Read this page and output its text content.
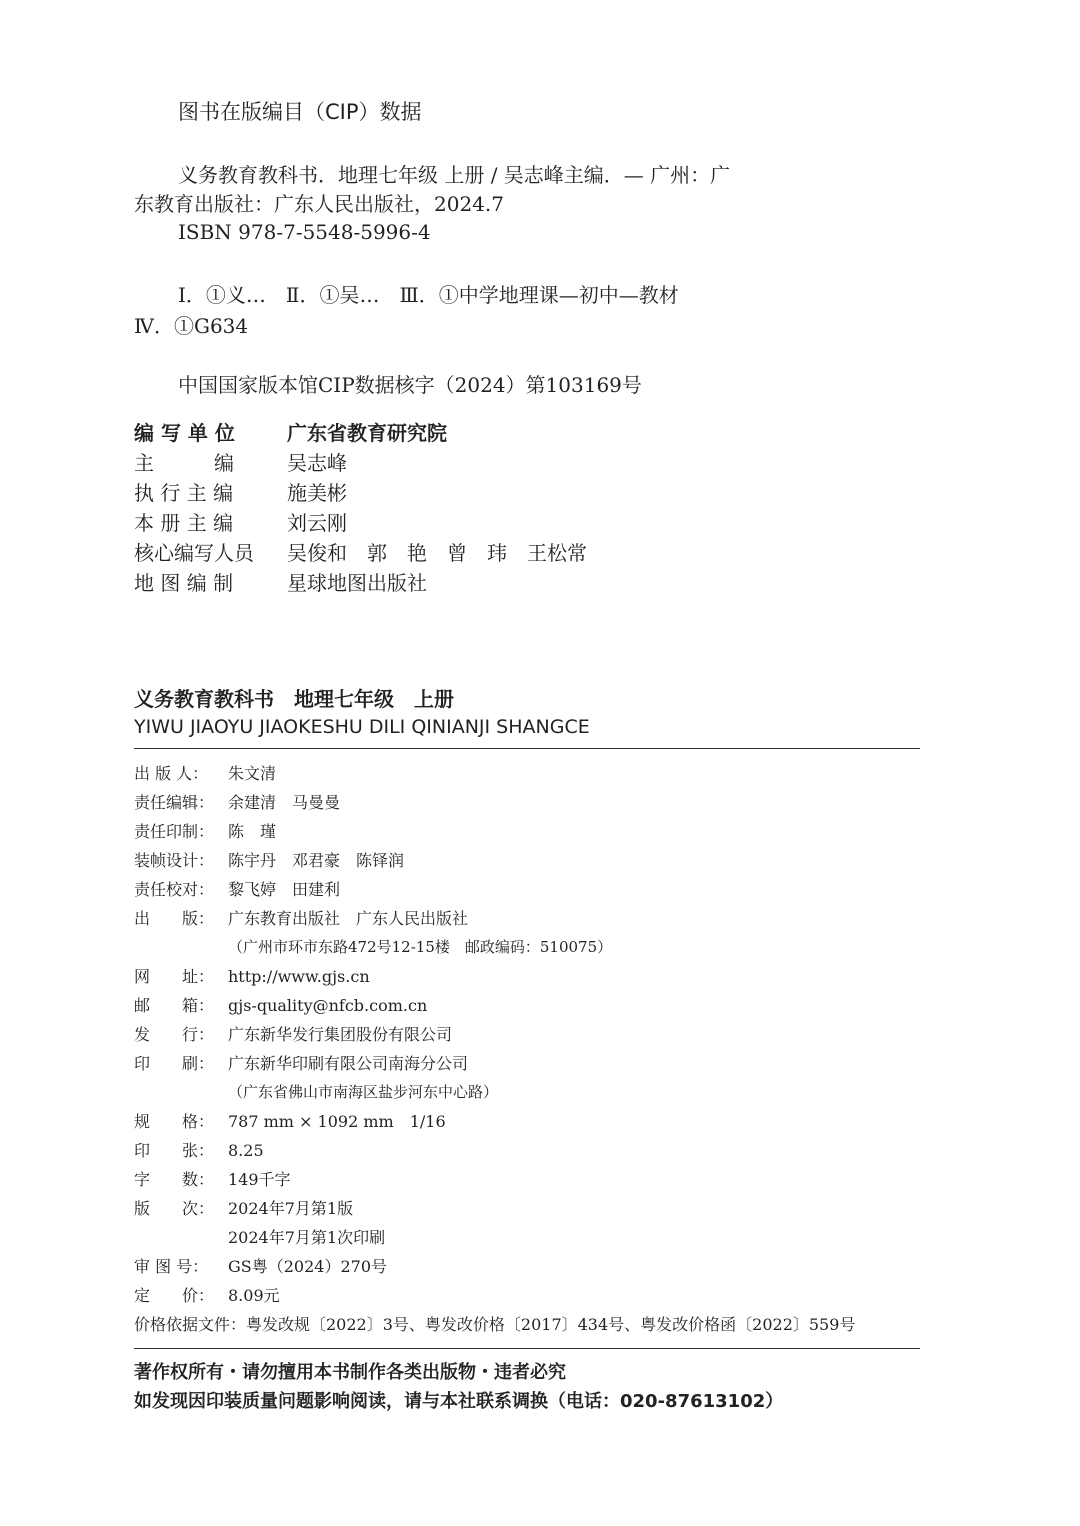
图书在版编目（CIP）数据
义务教育教科书．地理七年级 上册 / 吴志峰主编．— 广州：广
东教育出版社：广东人民出版社，2024.7
ISBN 978-7-5548-5996-4
Ⅰ．①义…　Ⅱ．①吴…　Ⅲ．①中学地理课—初中—教材
Ⅳ．①G634
中国国家版本馆CIP数据核字（2024）第103169号
编 写 单 位	广东省教育研究院
主　　　编	吴志峰
执 行 主 编	施美彬
本 册 主 编	刘云刚
核心编写人员	吴俊和　郭　艳　曾　玮　王松常
地 图 编 制	星球地图出版社
义务教育教科书　地理七年级　上册
YIWU JIAOYU JIAOKESHU DILI QINIANJI SHANGCE
出 版 人：	朱文清
责任编辑： 余建清　马曼曼
责任印制： 陈　瑾
装帧设计： 陈宇丹　邓君豪　陈铎润
责任校对： 黎飞婷　田建利
出　　版： 广东教育出版社　广东人民出版社
（广州市环市东路472号12-15楼　邮政编码：510075）
网　　址： http://www.gjs.cn
邮　　箱： gjs-quality@nfcb.com.cn
发　　行： 广东新华发行集团股份有限公司
印　　刷： 广东新华印刷有限公司南海分公司
（广东省佛山市南海区盐步河东中心路）
规　　格： 787 mm × 1092 mm　1/16
印　　张： 8.25
字　　数： 149千字
版　　次： 2024年7月第1版
2024年7月第1次印刷
审 图 号：	GS粤（2024）270号
定　　价： 8.09元
价格依据文件：粤发改规〔2022〕3号、粤发改价格〔2017〕434号、粤发改价格函〔2022〕559号
著作权所有・请勿擅用本书制作各类出版物・违者必究
如发现因印装质量问题影响阅读，请与本社联系调换（电话：020-87613102）
